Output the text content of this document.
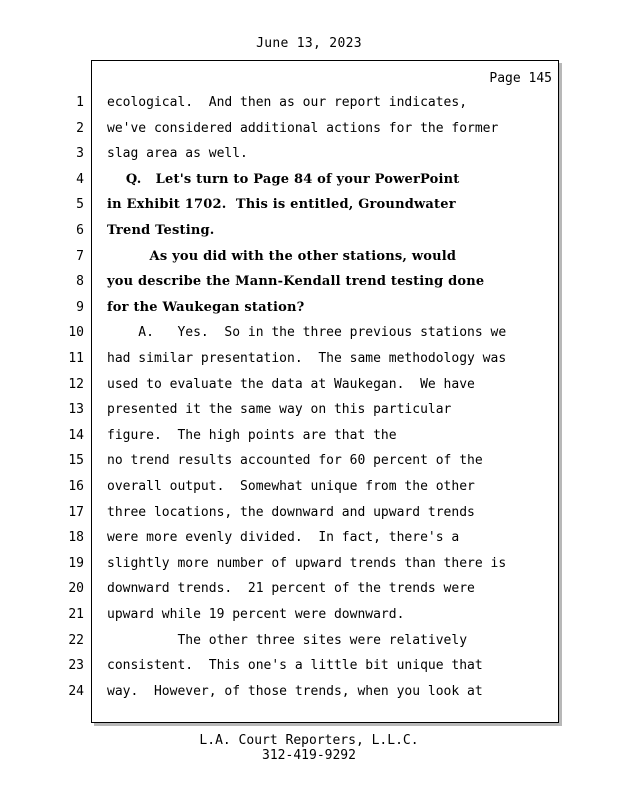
June 13, 2023
Page 145
1 ecological.  And then as our report indicates,
2 we've considered additional actions for the former
3 slag area as well.
4 Q.   Let's turn to Page 84 of your PowerPoint
5 in Exhibit 1702.  This is entitled, Groundwater
6 Trend Testing.
7 As you did with the other stations, would
8 you describe the Mann-Kendall trend testing done
9 for the Waukegan station?
10 A.   Yes.  So in the three previous stations we
11 had similar presentation.  The same methodology was
12 used to evaluate the data at Waukegan.  We have
13 presented it the same way on this particular
14 figure.  The high points are that the
15 no trend results accounted for 60 percent of the
16 overall output.  Somewhat unique from the other
17 three locations, the downward and upward trends
18 were more evenly divided.  In fact, there's a
19 slightly more number of upward trends than there is
20 downward trends.  21 percent of the trends were
21 upward while 19 percent were downward.
22 The other three sites were relatively
23 consistent.  This one's a little bit unique that
24 way.  However, of those trends, when you look at
L.A. Court Reporters, L.L.C.
312-419-9292
